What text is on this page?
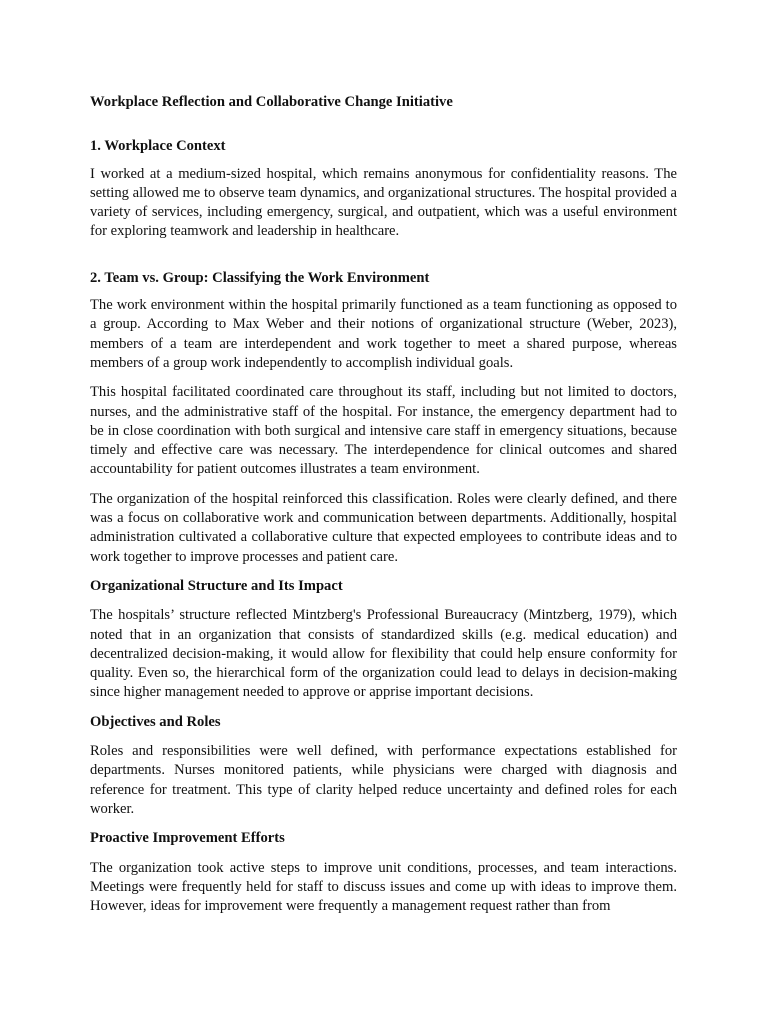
Workplace Reflection and Collaborative Change Initiative
1. Workplace Context

I worked at a medium-sized hospital, which remains anonymous for confidentiality reasons. The setting allowed me to observe team dynamics, and organizational structures. The hospital provided a variety of services, including emergency, surgical, and outpatient, which was a useful environment for exploring teamwork and leadership in healthcare.

2. Team vs. Group: Classifying the Work Environment

The work environment within the hospital primarily functioned as a team functioning as opposed to a group. According to Max Weber and their notions of organizational structure (Weber, 2023), members of a team are interdependent and work together to meet a shared purpose, whereas members of a group work independently to accomplish individual goals.

This hospital facilitated coordinated care throughout its staff, including but not limited to doctors, nurses, and the administrative staff of the hospital. For instance, the emergency department had to be in close coordination with both surgical and intensive care staff in emergency situations, because timely and effective care was necessary. The interdependence for clinical outcomes and shared accountability for patient outcomes illustrates a team environment.

The organization of the hospital reinforced this classification. Roles were clearly defined, and there was a focus on collaborative work and communication between departments. Additionally, hospital administration cultivated a collaborative culture that expected employees to contribute ideas and to work together to improve processes and patient care.

Organizational Structure and Its Impact

The hospitals’ structure reflected Mintzberg's Professional Bureaucracy (Mintzberg, 1979), which noted that in an organization that consists of standardized skills (e.g. medical education) and decentralized decision-making, it would allow for flexibility that could help ensure conformity for quality. Even so, the hierarchical form of the organization could lead to delays in decision-making since higher management needed to approve or apprise important decisions.

Objectives and Roles

Roles and responsibilities were well defined, with performance expectations established for departments. Nurses monitored patients, while physicians were charged with diagnosis and reference for treatment. This type of clarity helped reduce uncertainty and defined roles for each worker.

Proactive Improvement Efforts

The organization took active steps to improve unit conditions, processes, and team interactions. Meetings were frequently held for staff to discuss issues and come up with ideas to improve them. However, ideas for improvement were frequently a management request rather than from
